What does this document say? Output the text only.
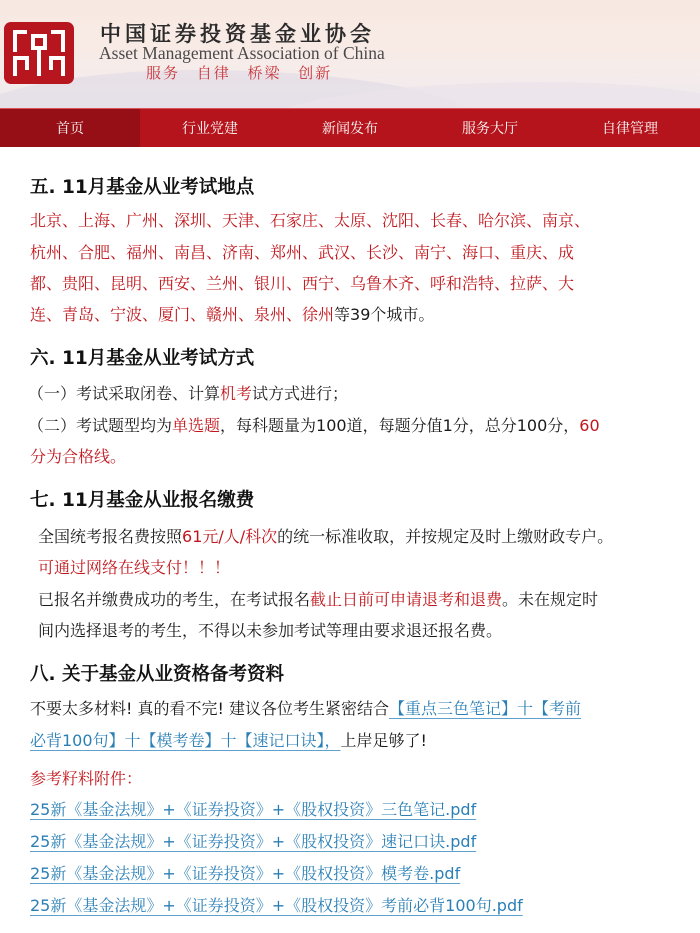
中国证券投资基金业协会
Asset Management Association of China
服务 自律 桥梁 创新
首页	行业党建	新闻发布	服务大厅	自律管理
五. 11月基金从业考试地点
北京、上海、广州、深圳、天津、石家庄、太原、沈阳、长春、哈尔滨、南京、
杭州、合肥、福州、南昌、济南、郑州、武汉、长沙、南宁、海口、重庆、成
都、贵阳、昆明、西安、兰州、银川、西宁、乌鲁木齐、呼和浩特、拉萨、大
连、青岛、宁波、厦门、赣州、泉州、徐州等39个城市。
六. 11月基金从业考试方式
（一）考试采取闭卷、计算机考试方式进行；
（二）考试题型均为单选题，每科题量为100道，每题分值1分，总分100分，60
分为合格线。
七. 11月基金从业报名缴费
全国统考报名费按照61元/人/科次的统一标准收取，并按规定及时上缴财政专户。
可通过网络在线支付！！！
已报名并缴费成功的考生，在考试报名截止日前可申请退考和退费。未在规定时
间内选择退考的考生，不得以未参加考试等理由要求退还报名费。
八. 关于基金从业资格备考资料
不要太多材料! 真的看不完! 建议各位考生紧密结合【重点三色笔记】十【考前
必背100句】十【模考卷】十【速记口诀】，上岸足够了!
参考籽料附件：
25新《基金法规》+《证券投资》+《股权投资》三色笔记.pdf
25新《基金法规》+《证券投资》+《股权投资》速记口诀.pdf
25新《基金法规》+《证券投资》+《股权投资》模考卷.pdf
25新《基金法规》+《证券投资》+《股权投资》考前必背100句.pdf
